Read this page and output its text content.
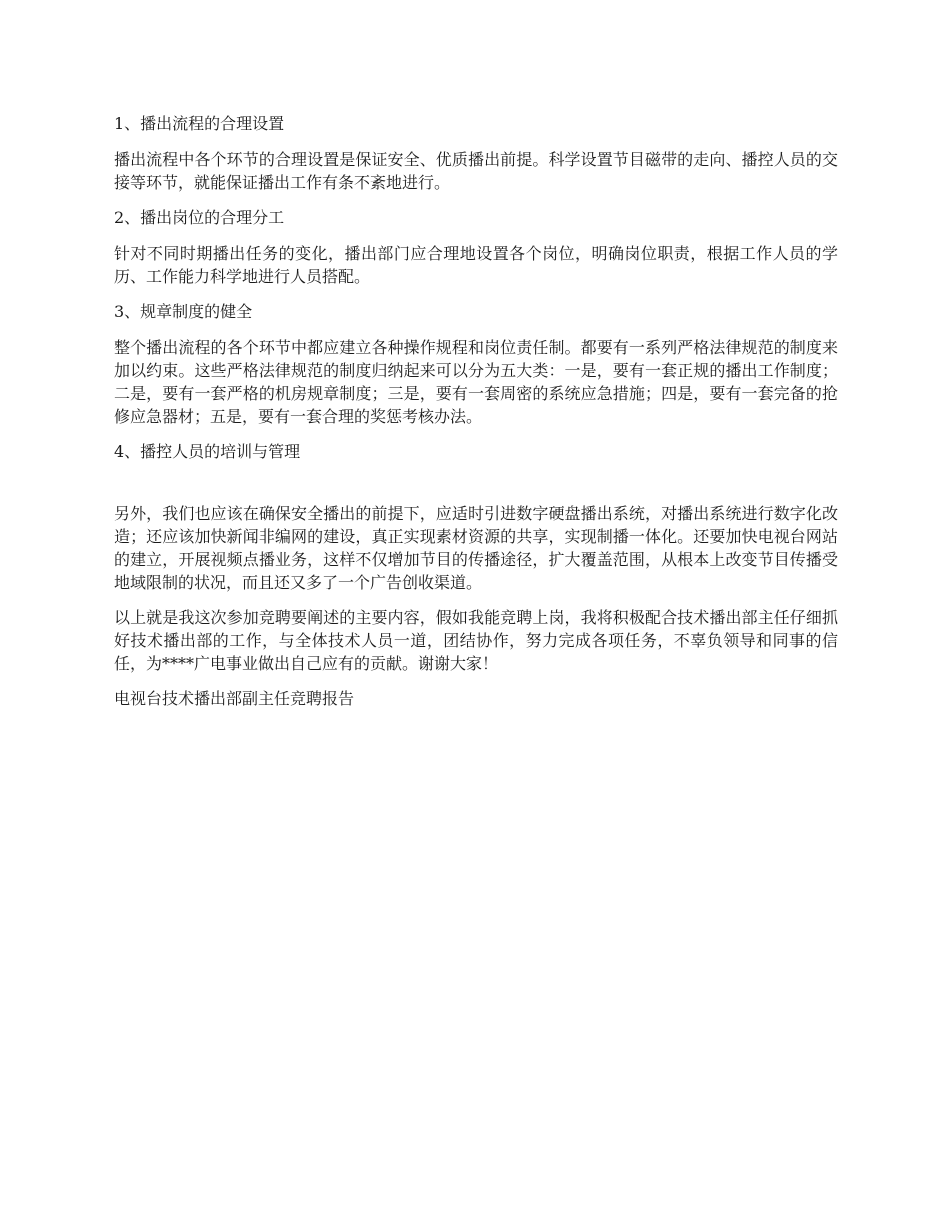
1、播出流程的合理设置
播出流程中各个环节的合理设置是保证安全、优质播出前提。科学设置节目磁带的走向、播控人员的交接等环节，就能保证播出工作有条不紊地进行。
2、播出岗位的合理分工
针对不同时期播出任务的变化，播出部门应合理地设置各个岗位，明确岗位职责，根据工作人员的学历、工作能力科学地进行人员搭配。
3、规章制度的健全
整个播出流程的各个环节中都应建立各种操作规程和岗位责任制。都要有一系列严格法律规范的制度来加以约束。这些严格法律规范的制度归纳起来可以分为五大类：一是，要有一套正规的播出工作制度；二是，要有一套严格的机房规章制度；三是，要有一套周密的系统应急措施；四是，要有一套完备的抢修应急器材；五是，要有一套合理的奖惩考核办法。
4、播控人员的培训与管理
另外，我们也应该在确保安全播出的前提下，应适时引进数字硬盘播出系统，对播出系统进行数字化改造；还应该加快新闻非编网的建设，真正实现素材资源的共享，实现制播一体化。还要加快电视台网站的建立，开展视频点播业务，这样不仅增加节目的传播途径，扩大覆盖范围，从根本上改变节目传播受地域限制的状况，而且还又多了一个广告创收渠道。
以上就是我这次参加竞聘要阐述的主要内容，假如我能竞聘上岗，我将积极配合技术播出部主任仔细抓好技术播出部的工作，与全体技术人员一道，团结协作，努力完成各项任务，不辜负领导和同事的信任，为****广电事业做出自己应有的贡献。谢谢大家！
电视台技术播出部副主任竞聘报告
